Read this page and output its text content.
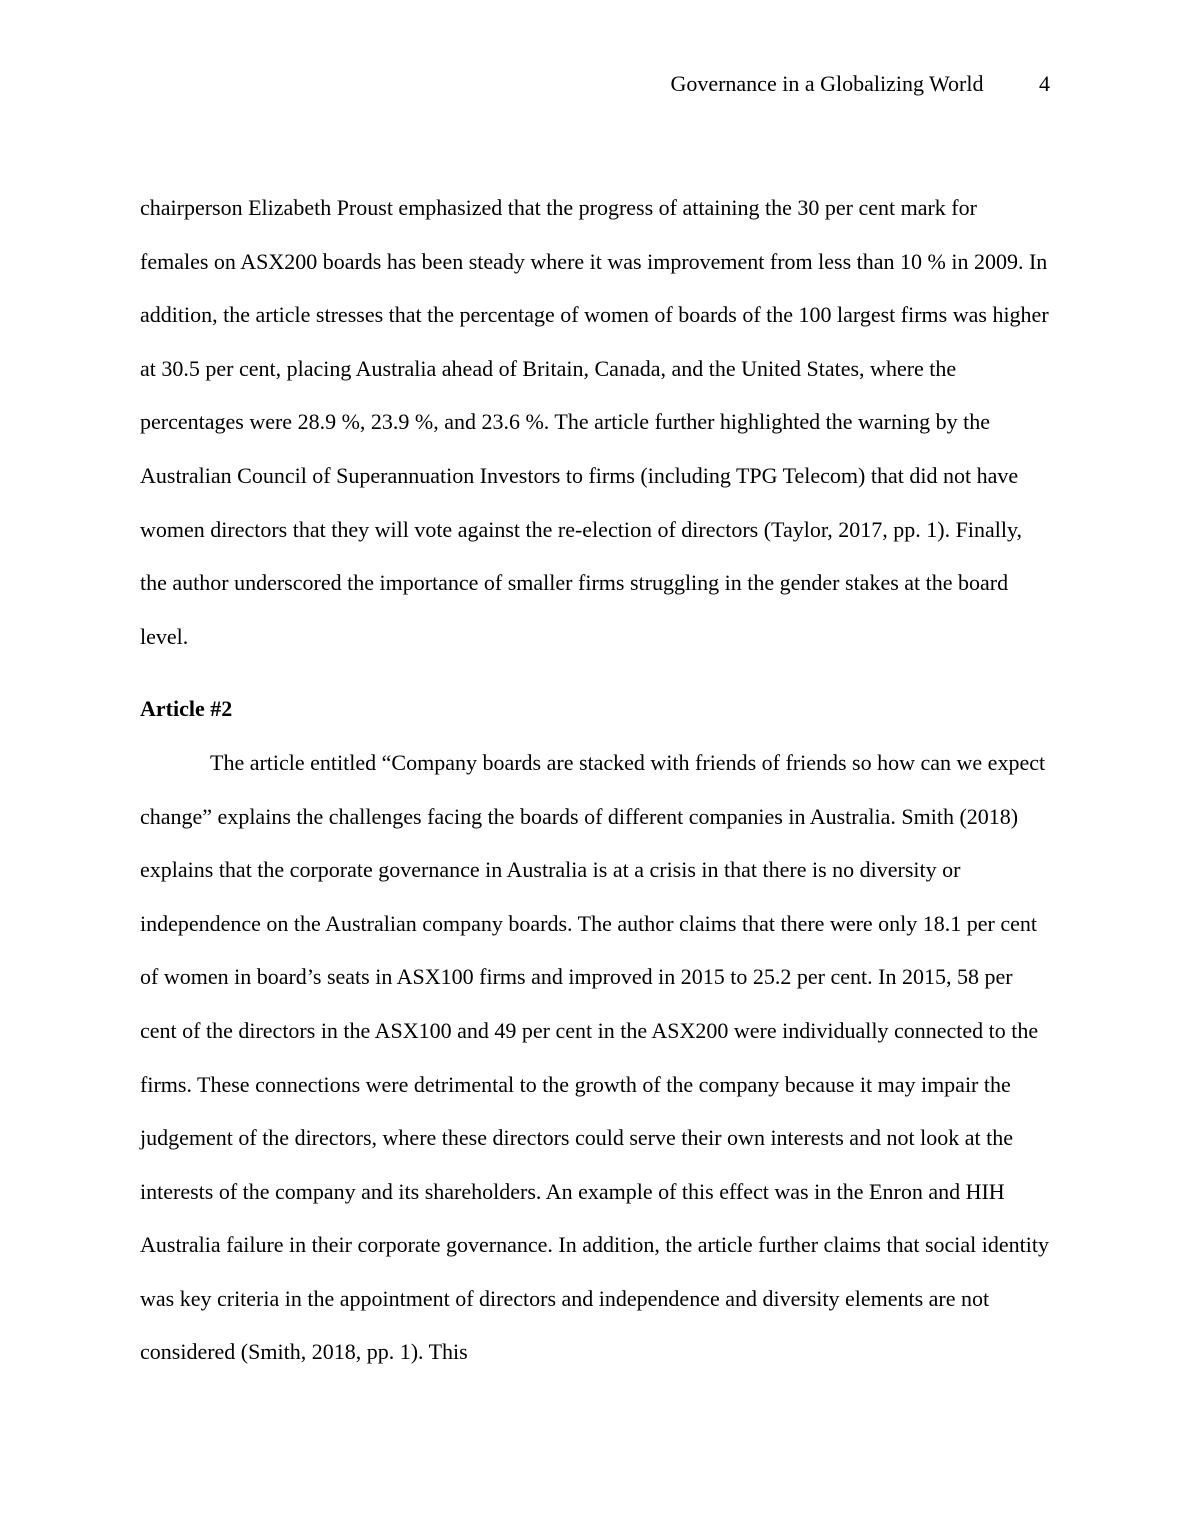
Governance in a Globalizing World	4

chairperson Elizabeth Proust emphasized that the progress of attaining the 30 per cent mark for females on ASX200 boards has been steady where it was improvement from less than 10 % in 2009. In addition, the article stresses that the percentage of women of boards of the 100 largest firms was higher at 30.5 per cent, placing Australia ahead of Britain, Canada, and the United States, where the percentages were 28.9 %, 23.9 %, and 23.6 %. The article further highlighted the warning by the Australian Council of Superannuation Investors to firms (including TPG Telecom) that did not have women directors that they will vote against the re-election of directors (Taylor, 2017, pp. 1). Finally, the author underscored the importance of smaller firms struggling in the gender stakes at the board level.

Article #2

The article entitled “Company boards are stacked with friends of friends so how can we expect change” explains the challenges facing the boards of different companies in Australia. Smith (2018) explains that the corporate governance in Australia is at a crisis in that there is no diversity or independence on the Australian company boards. The author claims that there were only 18.1 per cent of women in board’s seats in ASX100 firms and improved in 2015 to 25.2 per cent. In 2015, 58 per cent of the directors in the ASX100 and 49 per cent in the ASX200 were individually connected to the firms. These connections were detrimental to the growth of the company because it may impair the judgement of the directors, where these directors could serve their own interests and not look at the interests of the company and its shareholders. An example of this effect was in the Enron and HIH Australia failure in their corporate governance. In addition, the article further claims that social identity was key criteria in the appointment of directors and independence and diversity elements are not considered (Smith, 2018, pp. 1). This
